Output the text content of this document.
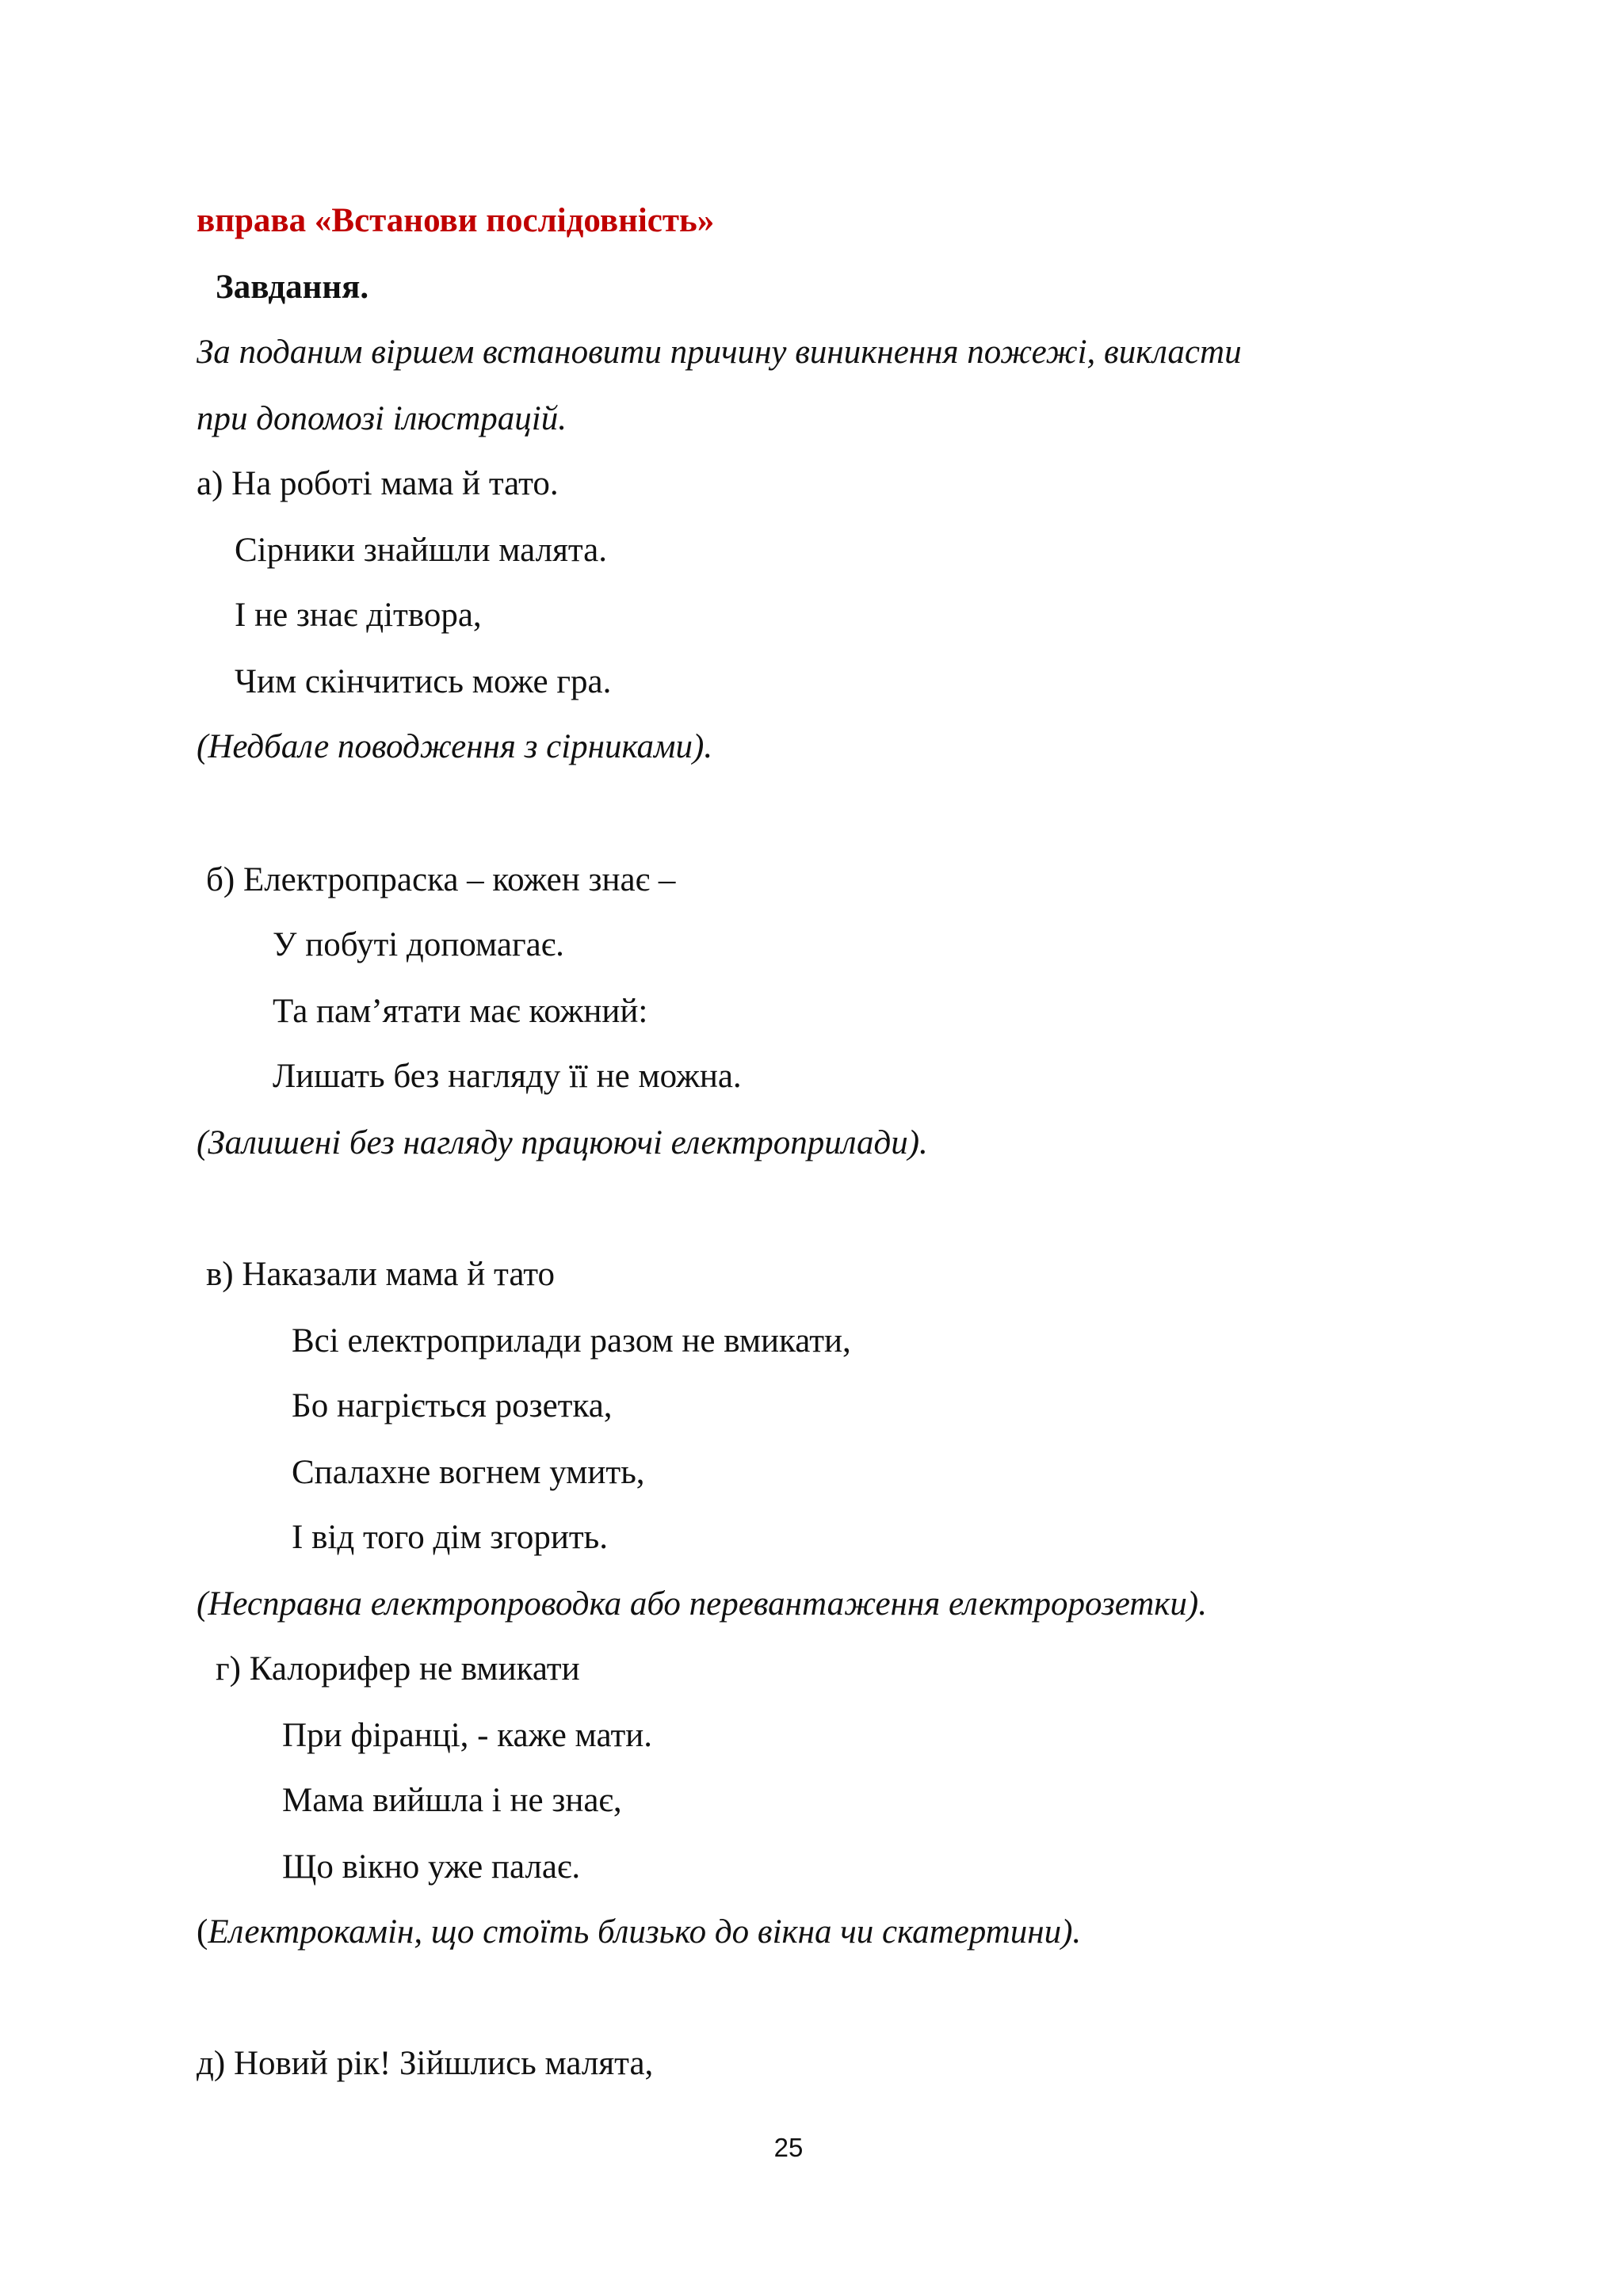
вправа «Встанови послідовність»
Завдання.
За поданим віршем встановити причину виникнення пожежі, викласти
при допомозі ілюстрацій.
а) На роботі мама й тато.
Сірники знайшли малята.
І не знає дітвора,
Чим скінчитись може гра.
(Недбале поводження з сірниками).
б) Електропраска – кожен знає –
У побуті допомагає.
Та пам’ятати має кожний:
Лишать без нагляду її не можна.
(Залишені без нагляду працюючі електроприлади).
в) Наказали мама й тато
Всі електроприлади разом не вмикати,
Бо нагріється розетка,
Спалахне вогнем умить,
І від того дім згорить.
(Несправна електропроводка або перевантаження електророзетки).
г) Калорифер не вмикати
При фіранці, - каже мати.
Мама вийшла і не знає,
Що вікно уже палає.
(Електрокамін, що стоїть близько до вікна чи скатертини).
д) Новий рік! Зійшлись малята,
25
